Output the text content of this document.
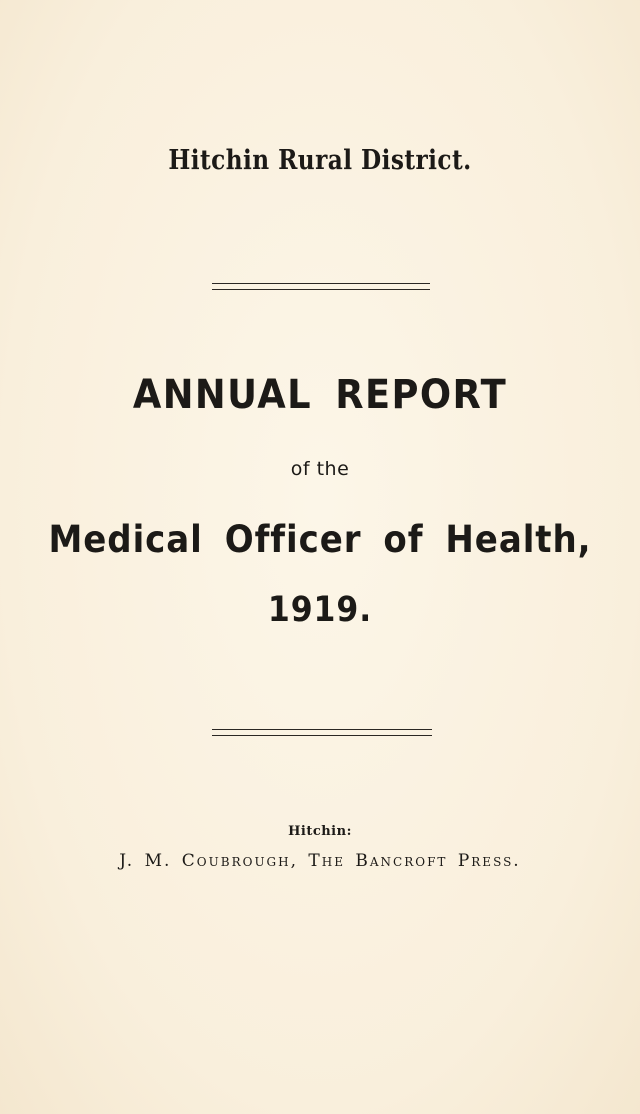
Hitchin Rural District.
ANNUAL REPORT
of the
Medical Officer of Health,
1919.
Hitchin:
J. M. Coubrough, The Bancroft Press.
